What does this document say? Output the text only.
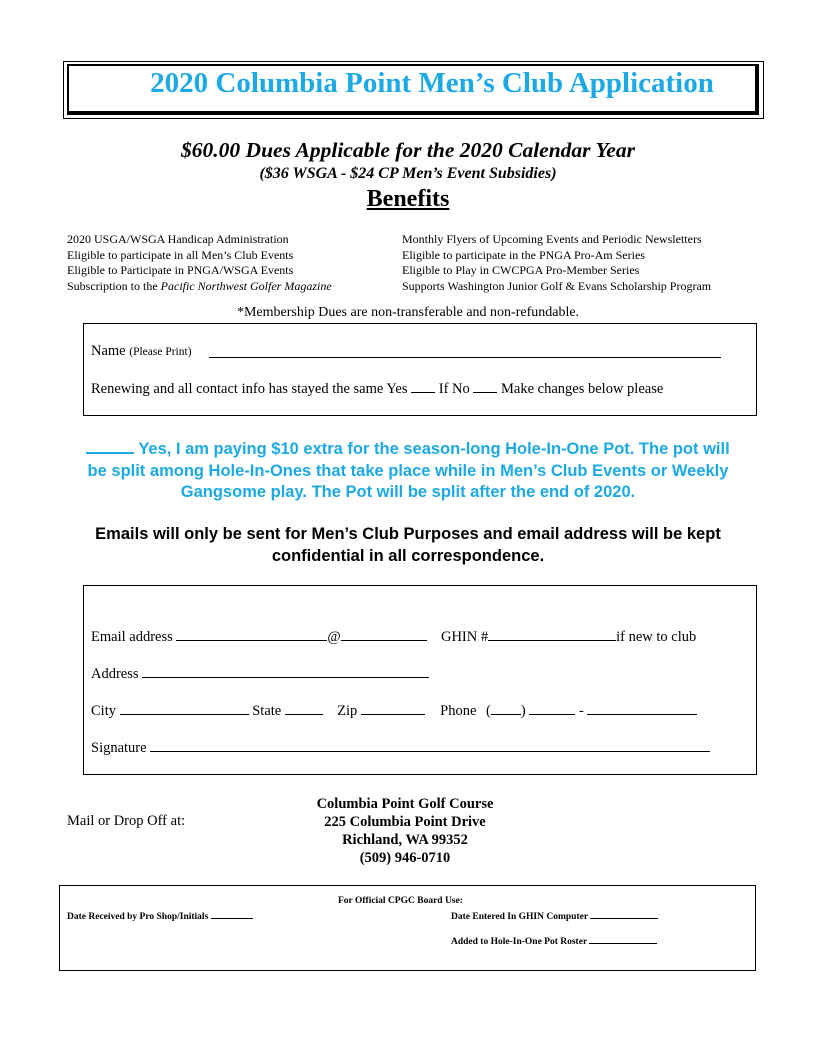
2020 Columbia Point Men’s Club Application
$60.00 Dues Applicable for the 2020 Calendar Year
($36 WSGA - $24 CP Men’s Event Subsidies)
Benefits
2020 USGA/WSGA Handicap Administration
Eligible to participate in all Men’s Club Events
Eligible to Participate in PNGA/WSGA Events
Subscription to the Pacific Northwest Golfer Magazine
Monthly Flyers of Upcoming Events and Periodic Newsletters
Eligible to participate in the PNGA Pro-Am Series
Eligible to Play in CWCPGA Pro-Member Series
Supports Washington Junior Golf & Evans Scholarship Program
*Membership Dues are non-transferable and non-refundable.
Name (Please Print)
Renewing and all contact info has stayed the same Yes If No Make changes below please
Yes, I am paying $10 extra for the season-long Hole-In-One Pot. The pot will
be split among Hole-In-Ones that take place while in Men’s Club Events or Weekly
Gangsome play. The Pot will be split after the end of 2020.
Emails will only be sent for Men’s Club Purposes and email address will be kept
confidential in all correspondence.
Email address	@	GHIN #	if new to club
Address
City	State	Zip	Phone ( )	-
Signature
Mail or Drop Off at:
Columbia Point Golf Course
225 Columbia Point Drive
Richland, WA 99352
(509) 946-0710
For Official CPGC Board Use:
Date Received by Pro Shop/Initials	Date Entered In GHIN Computer
Added to Hole-In-One Pot Roster
